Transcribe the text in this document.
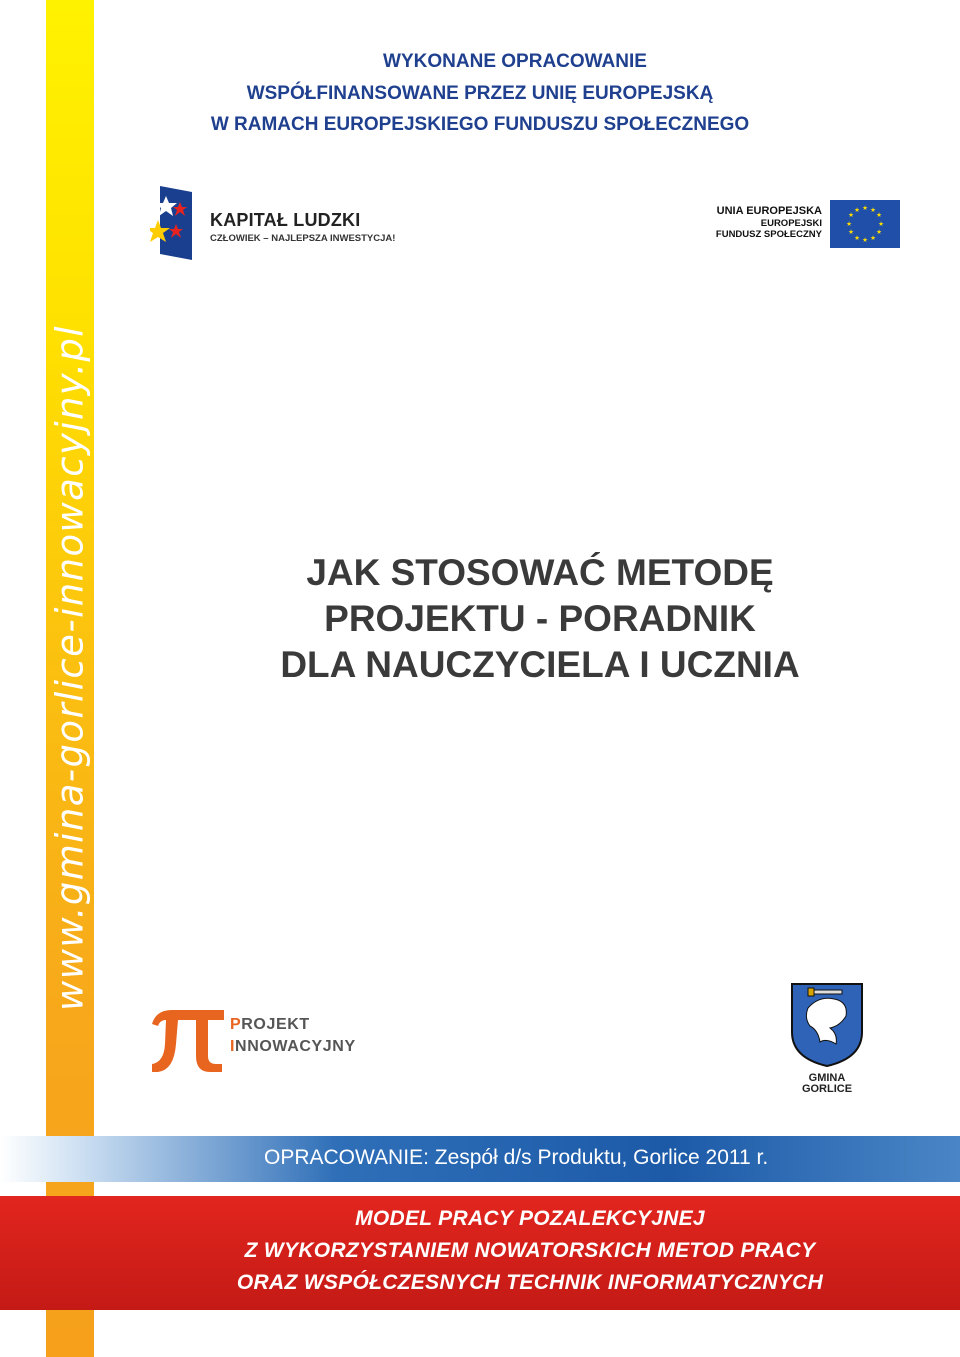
www.gmina-gorlice-innowacyjny.pl
WYKONANE OPRACOWANIE
WSPÓŁFINANSOWANE PRZEZ UNIĘ EUROPEJSKĄ
W RAMACH EUROPEJSKIEGO FUNDUSZU SPOŁECZNEGO
KAPITAŁ LUDZKI
CZŁOWIEK – NAJLEPSZA INWESTYCJA!
UNIA EUROPEJSKA
EUROPEJSKI
FUNDUSZ SPOŁECZNY
★ ★
★
★
★
★
★
★
★
★
★
★
JAK STOSOWAĆ METODĘ
PROJEKTU - PORADNIK
DLA NAUCZYCIELA I UCZNIA
PROJEKT
INNOWACYJNY
GMINA
GORLICE
OPRACOWANIE: Zespół d/s Produktu, Gorlice 2011 r.
MODEL PRACY POZALEKCYJNEJ
Z WYKORZYSTANIEM NOWATORSKICH METOD PRACY
ORAZ WSPÓŁCZESNYCH TECHNIK INFORMATYCZNYCH
